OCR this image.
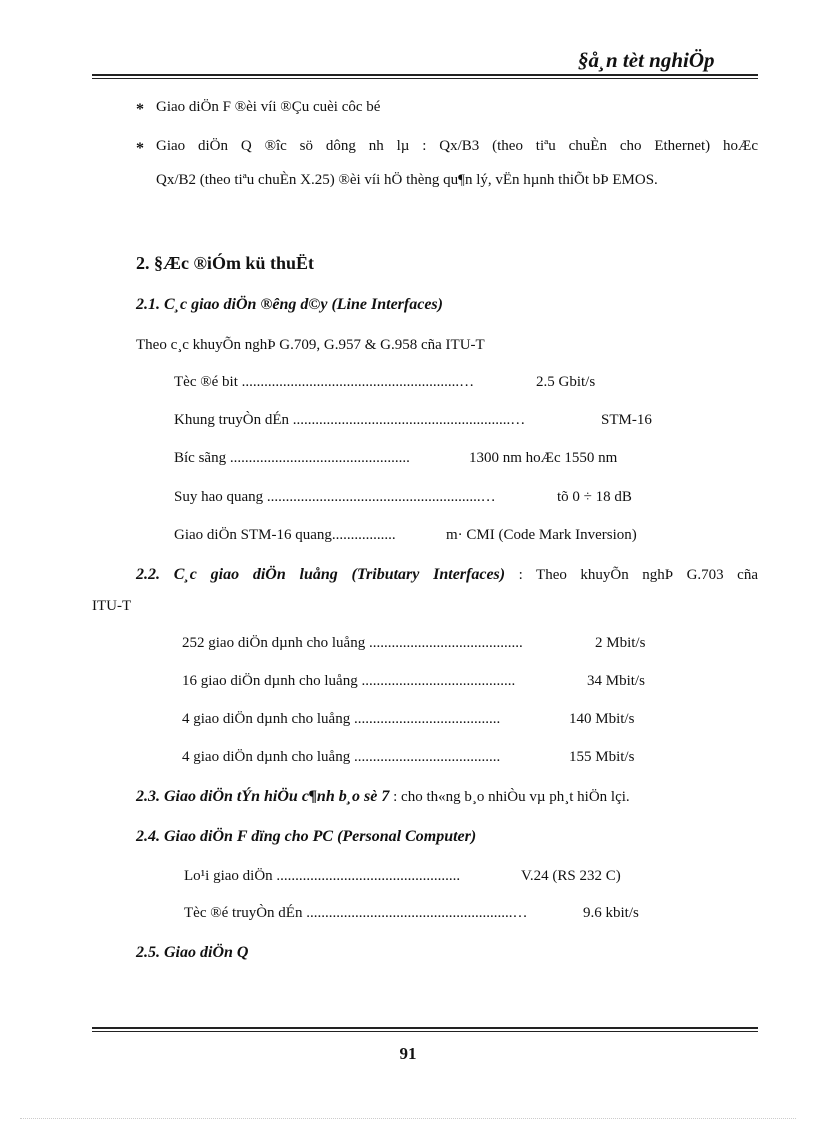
§å¸n tèt nghiÖp
* Giao diÖn F ®èi víi ®Çu cuèi côc bé
* Giao diÖn Q ®îc sö dông nh lµ : Qx/B3 (theo tiªu chuÈn cho Ethernet) hoÆc
Qx/B2 (theo tiªu chuÈn X.25) ®èi víi hÖ thèng qu¶n lý, vËn hµnh thiÕt bÞ EMOS.
2. §Æc ®iÓm kü thuËt
2.1. C¸c giao diÖn ®êng d©y (Line Interfaces)
Theo c¸c khuyÕn nghÞ G.709, G.957 & G.958 cña ITU-T
Tèc ®é bit ..........................................................…	2.5 Gbit/s
Khung truyÒn dÉn ..........................................................…	STM-16
Bíc sãng ................................................	1300 nm hoÆc 1550 nm
Suy hao quang .........................................................…	tõ 0 ÷ 18 dB
Giao diÖn STM-16 quang.................	m· CMI (Code Mark Inversion)
2.2. C¸c giao diÖn luång (Tributary Interfaces) : Theo khuyÕn nghÞ G.703 cña
ITU-T
252 giao diÖn dµnh cho luång .........................................	2 Mbit/s
16 giao diÖn dµnh cho luång .........................................	34 Mbit/s
4 giao diÖn dµnh cho luång .......................................	140 Mbit/s
4 giao diÖn dµnh cho luång .......................................	155 Mbit/s
2.3. Giao diÖn tÝn hiÖu c¶nh b¸o sè 7 : cho th«ng b¸o nhiÒu vµ ph¸t hiÖn lçi.
2.4. Giao diÖn F dïng cho PC (Personal Computer)
Lo¹i giao diÖn .................................................	V.24 (RS 232 C)
Tèc ®é truyÒn dÉn .......................................................…	9.6 kbit/s
2.5. Giao diÖn Q
91
